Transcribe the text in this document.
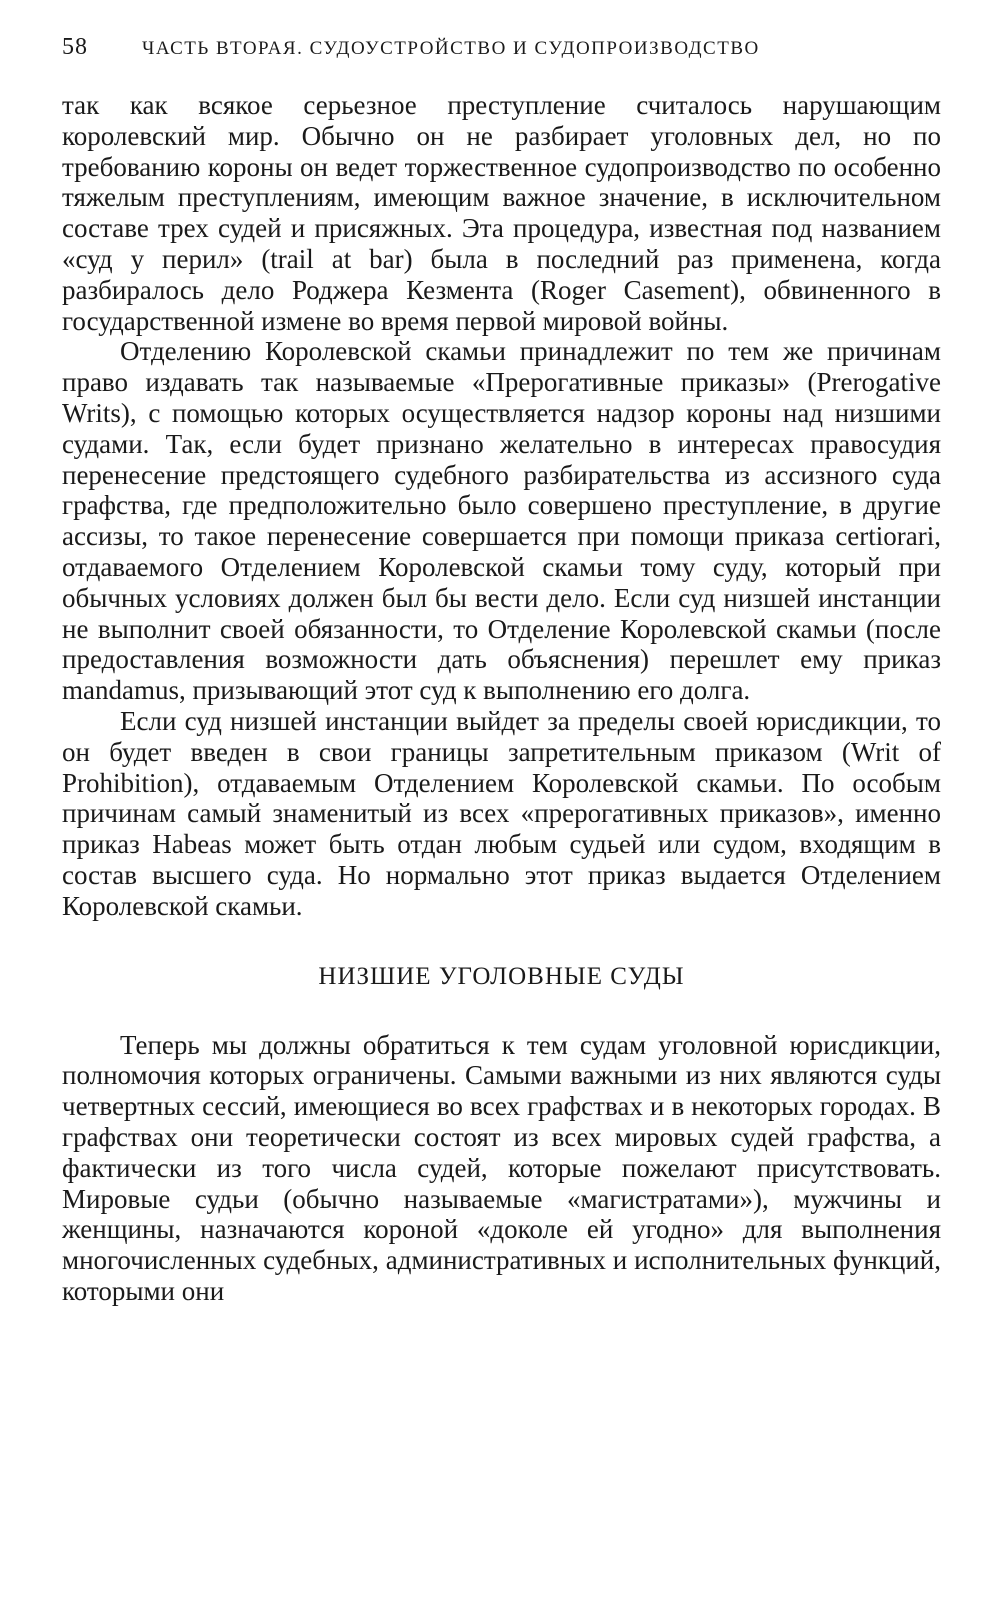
58	ЧАСТЬ ВТОРАЯ. СУДОУСТРОЙСТВО И СУДОПРОИЗВОДСТВО

так как всякое серьезное преступление считалось нарушающим королевский мир. Обычно он не разбирает уголовных дел, но по требованию короны он ведет торжественное судопроизводство по особенно тяжелым преступлениям, имеющим важное значение, в исключительном составе трех судей и присяжных. Эта процедура, известная под названием «суд у перил» (trail at bar) была в последний раз применена, когда разбиралось дело Роджера Кезмента (Roger Casement), обвиненного в государственной измене во время первой мировой войны.

Отделению Королевской скамьи принадлежит по тем же причинам право издавать так называемые «Прерогативные приказы» (Prerogative Writs), с помощью которых осуществляется надзор короны над низшими судами. Так, если будет признано желательно в интересах правосудия перенесение предстоящего судебного разбирательства из ассизного суда графства, где предположительно было совершено преступление, в другие ассизы, то такое перенесение совершается при помощи приказа certiorari, отдаваемого Отделением Королевской скамьи тому суду, который при обычных условиях должен был бы вести дело. Если суд низшей инстанции не выполнит своей обязанности, то Отделение Королевской скамьи (после предоставления возможности дать объяснения) перешлет ему приказ mandamus, призывающий этот суд к выполнению его долга.

Если суд низшей инстанции выйдет за пределы своей юрисдикции, то он будет введен в свои границы запретительным приказом (Writ of Prohibition), отдаваемым Отделением Королевской скамьи. По особым причинам самый знаменитый из всех «прерогативных приказов», именно приказ Habeas может быть отдан любым судьей или судом, входящим в состав высшего суда. Но нормально этот приказ выдается Отделением Королевской скамьи.

НИЗШИЕ УГОЛОВНЫЕ СУДЫ

Теперь мы должны обратиться к тем судам уголовной юрисдикции, полномочия которых ограничены. Самыми важными из них являются суды четвертных сессий, имеющиеся во всех графствах и в некоторых городах. В графствах они теоретически состоят из всех мировых судей графства, а фактически из того числа судей, которые пожелают присутствовать. Мировые судьи (обычно называемые «магистратами»), мужчины и женщины, назначаются короной «доколе ей угодно» для выполнения многочисленных судебных, административных и исполнительных функций, которыми они
